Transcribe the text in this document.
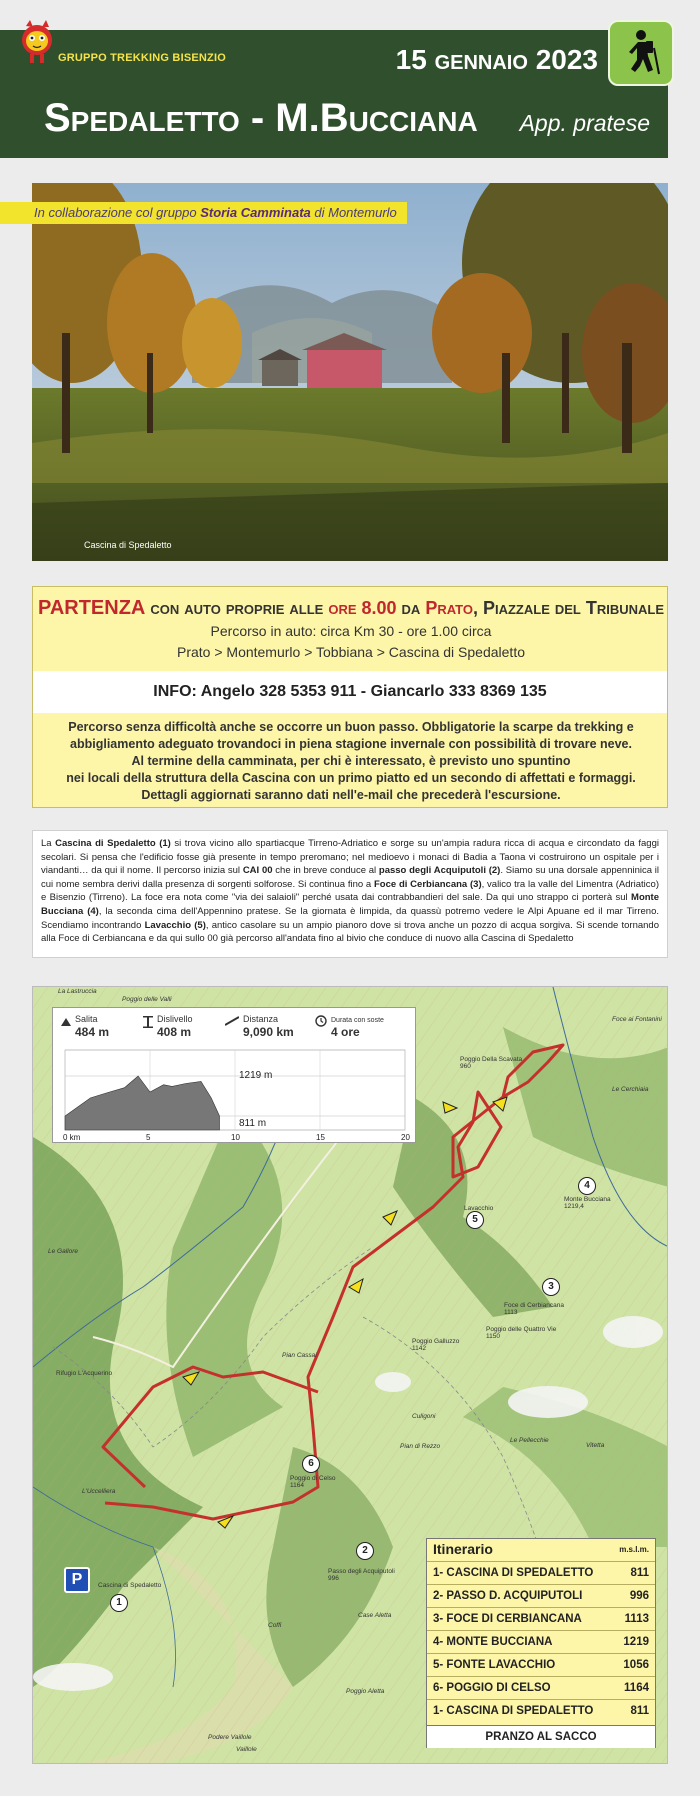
GRUPPO TREKKING BISENZIO	15 gennaio 2023
Spedaletto - M.Bucciana	App. pratese
In collaborazione col gruppo Storia Camminata di Montemurlo
Cascina di Spedaletto
PARTENZA con auto proprie alle ore 8.00 da Prato, Piazzale del Tribunale
Percorso in auto: circa Km 30 - ore 1.00 circa
Prato > Montemurlo > Tobbiana > Cascina di Spedaletto
INFO: Angelo 328 5353 911 - Giancarlo 333 8369 135
Percorso senza difficoltà anche se occorre un buon passo. Obbligatorie la scarpe da trekking e
abbigliamento adeguato trovandoci in piena stagione invernale con possibilità di trovare neve.
Al termine della camminata, per chi è interessato, è previsto uno spuntino
nei locali della struttura della Cascina con un primo piatto ed un secondo di affettati e formaggi.
Dettagli aggiornati saranno dati nell'e-mail che precederà l'escursione.
La Cascina di Spedaletto (1) si trova vicino allo spartiacque Tirreno-Adriatico e sorge su un'ampia radura ricca di acqua e circondato da faggi secolari. Si pensa che l'edificio fosse già presente in tempo preromano; nel medioevo i monaci di Badia a Taona vi costruirono un ospitale per i viandanti… da qui il nome. Il percorso inizia sul CAI 00 che in breve conduce al passo degli Acquiputoli (2). Siamo su una dorsale appenninica il cui nome sembra derivi dalla presenza di sorgenti solforose. Si continua fino a Foce di Cerbiancana (3), valico tra la valle del Limentra (Adriatico) e Bisenzio (Tirreno). La foce era nota come "via dei salaioli" perché usata dai contrabbandieri del sale. Da qui uno strappo ci porterà sul Monte Bucciana (4), la seconda cima dell'Appennino pratese. Se la giornata è limpida, da quassù potremo vedere le Alpi Apuane ed il mar Tirreno. Scendiamo incontrando Lavacchio (5), antico casolare su un ampio pianoro dove si trova anche un pozzo di acqua sorgiva. Si scende tornando alla Foce di Cerbiancana e da qui sullo 00 già percorso all'andata fino al bivio che conduce di nuovo alla Cascina di Spedaletto
P
1
2
3
4
5
6
La Lastruccia
Poggio delle Valli
Poggio Della Scavata
960
Foce ai Fontanini
Le Cerchiaia
Lavacchio
Monte Bucciana
1219,4
Foce di Cerbiancana
1113
Poggio delle Quattro Vie
1150
Poggio Galluzzo
1142
Le Gallore
Rifugio L'Acquerino
Pian Cassai
Culigoni
Pian di Rezzo
Le Pellecchie
Vitetta
L'Uccelliera
Poggio di Celso
1164
Passo degli Acquiputoli
996
Cascina di Spedaletto
Case Aletta
Poggio Aletta
Podere Vaillole
Vaillole
Coffi
Salita
484 m
Dislivello
408 m
Distanza
9,090 km
Durata con soste
4 ore
0 km	5	10	15	20
1219 m
811 m
Itinerario	m.s.l.m.
1- CASCINA DI SPEDALETTO	811
2- PASSO D. ACQUIPUTOLI	996
3- FOCE DI CERBIANCANA	1113
4- MONTE BUCCIANA	1219
5- FONTE LAVACCHIO	1056
6- POGGIO DI CELSO	1164
1- CASCINA DI SPEDALETTO	811
PRANZO AL SACCO
